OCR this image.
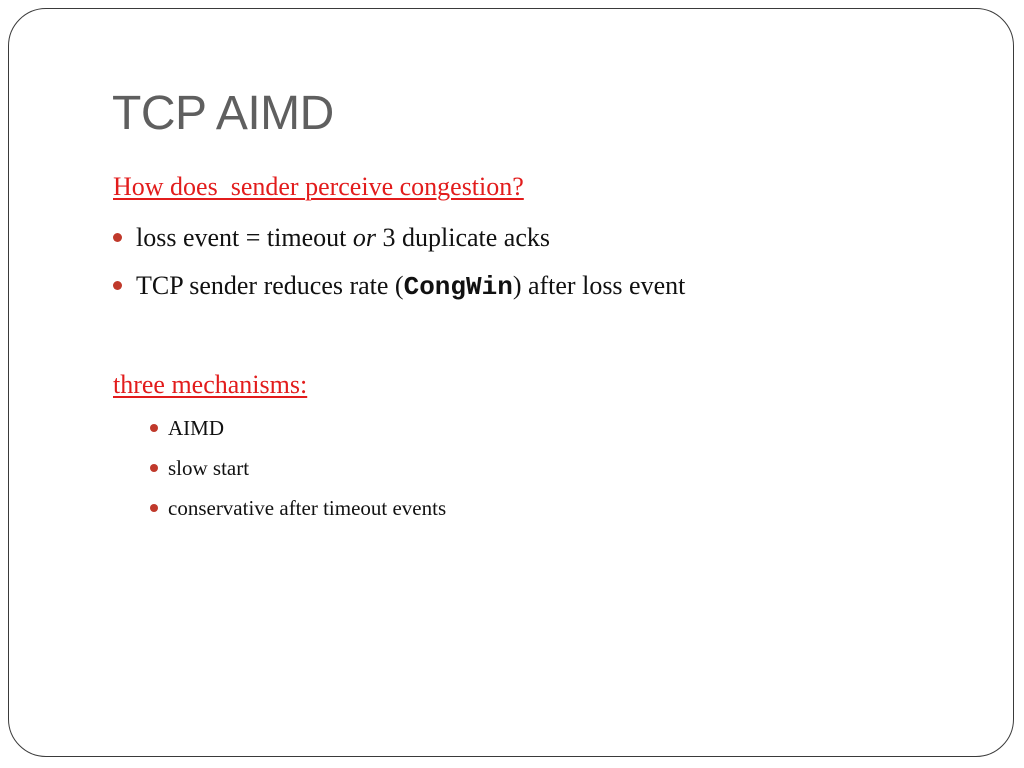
TCP AIMD

How does  sender perceive congestion?

loss event = timeout or 3 duplicate acks
TCP sender reduces rate (CongWin) after loss event

three mechanisms:

AIMD
slow start
conservative after timeout events
